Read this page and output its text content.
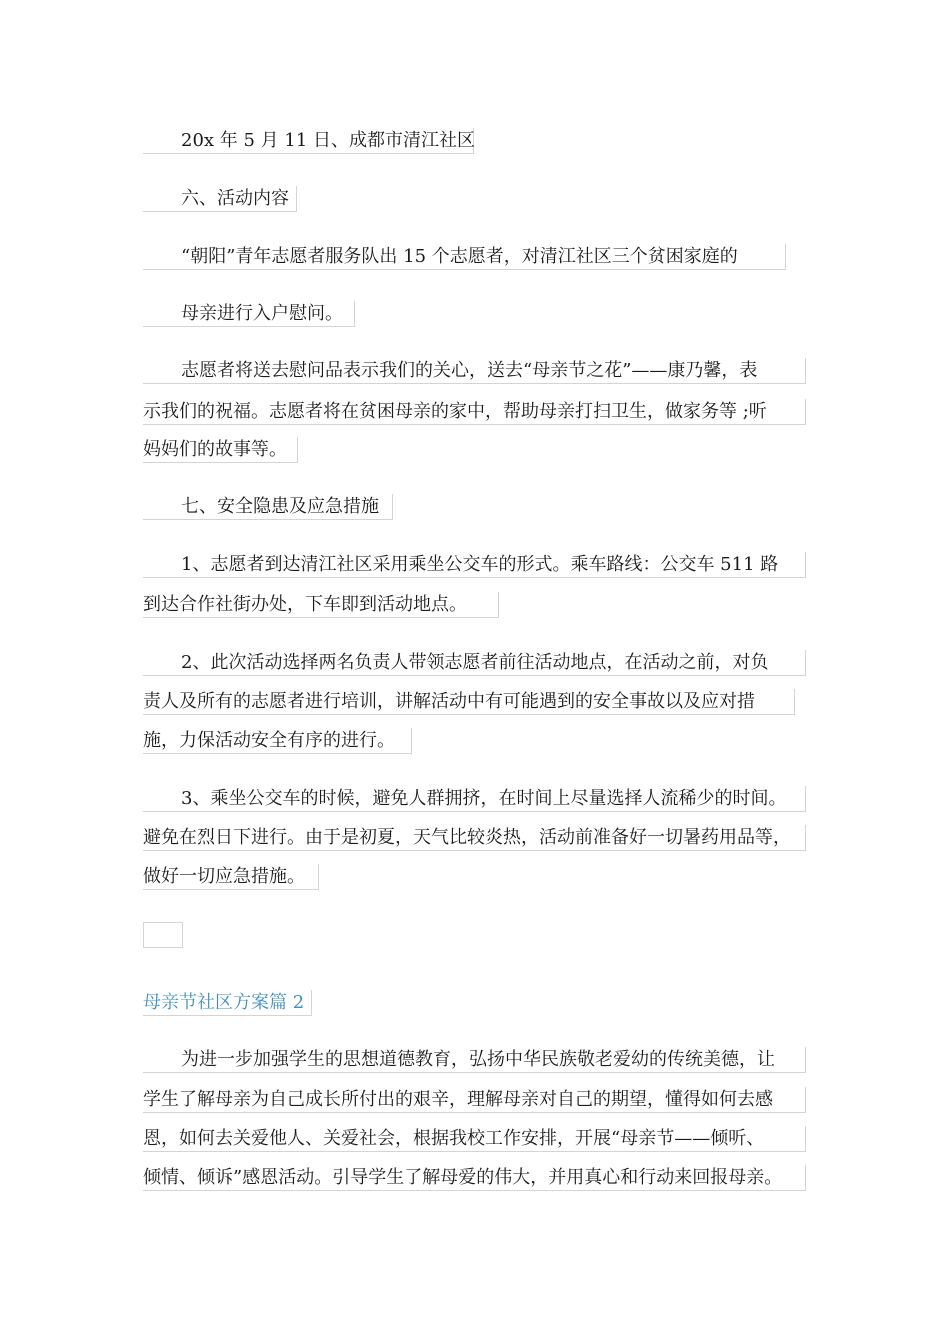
20x 年 5 月 11 日、成都市清江社区
六、活动内容
“朝阳”青年志愿者服务队出 15 个志愿者，对清江社区三个贫困家庭的
母亲进行入户慰问。
志愿者将送去慰问品表示我们的关心，送去“母亲节之花”——康乃馨，表
示我们的祝福。志愿者将在贫困母亲的家中，帮助母亲打扫卫生，做家务等 ;听
妈妈们的故事等。
七、安全隐患及应急措施
1、志愿者到达清江社区采用乘坐公交车的形式。乘车路线：公交车 511 路
到达合作社街办处，下车即到活动地点。
2、此次活动选择两名负责人带领志愿者前往活动地点，在活动之前，对负
责人及所有的志愿者进行培训，讲解活动中有可能遇到的安全事故以及应对措
施，力保活动安全有序的进行。
3、乘坐公交车的时候，避免人群拥挤，在时间上尽量选择人流稀少的时间。
避免在烈日下进行。由于是初夏，天气比较炎热，活动前准备好一切暑药用品等，
做好一切应急措施。
母亲节社区方案篇 2
为进一步加强学生的思想道德教育，弘扬中华民族敬老爱幼的传统美德，让
学生了解母亲为自己成长所付出的艰辛，理解母亲对自己的期望，懂得如何去感
恩，如何去关爱他人、关爱社会，根据我校工作安排，开展“母亲节——倾听、
倾情、倾诉”感恩活动。引导学生了解母爱的伟大，并用真心和行动来回报母亲。
